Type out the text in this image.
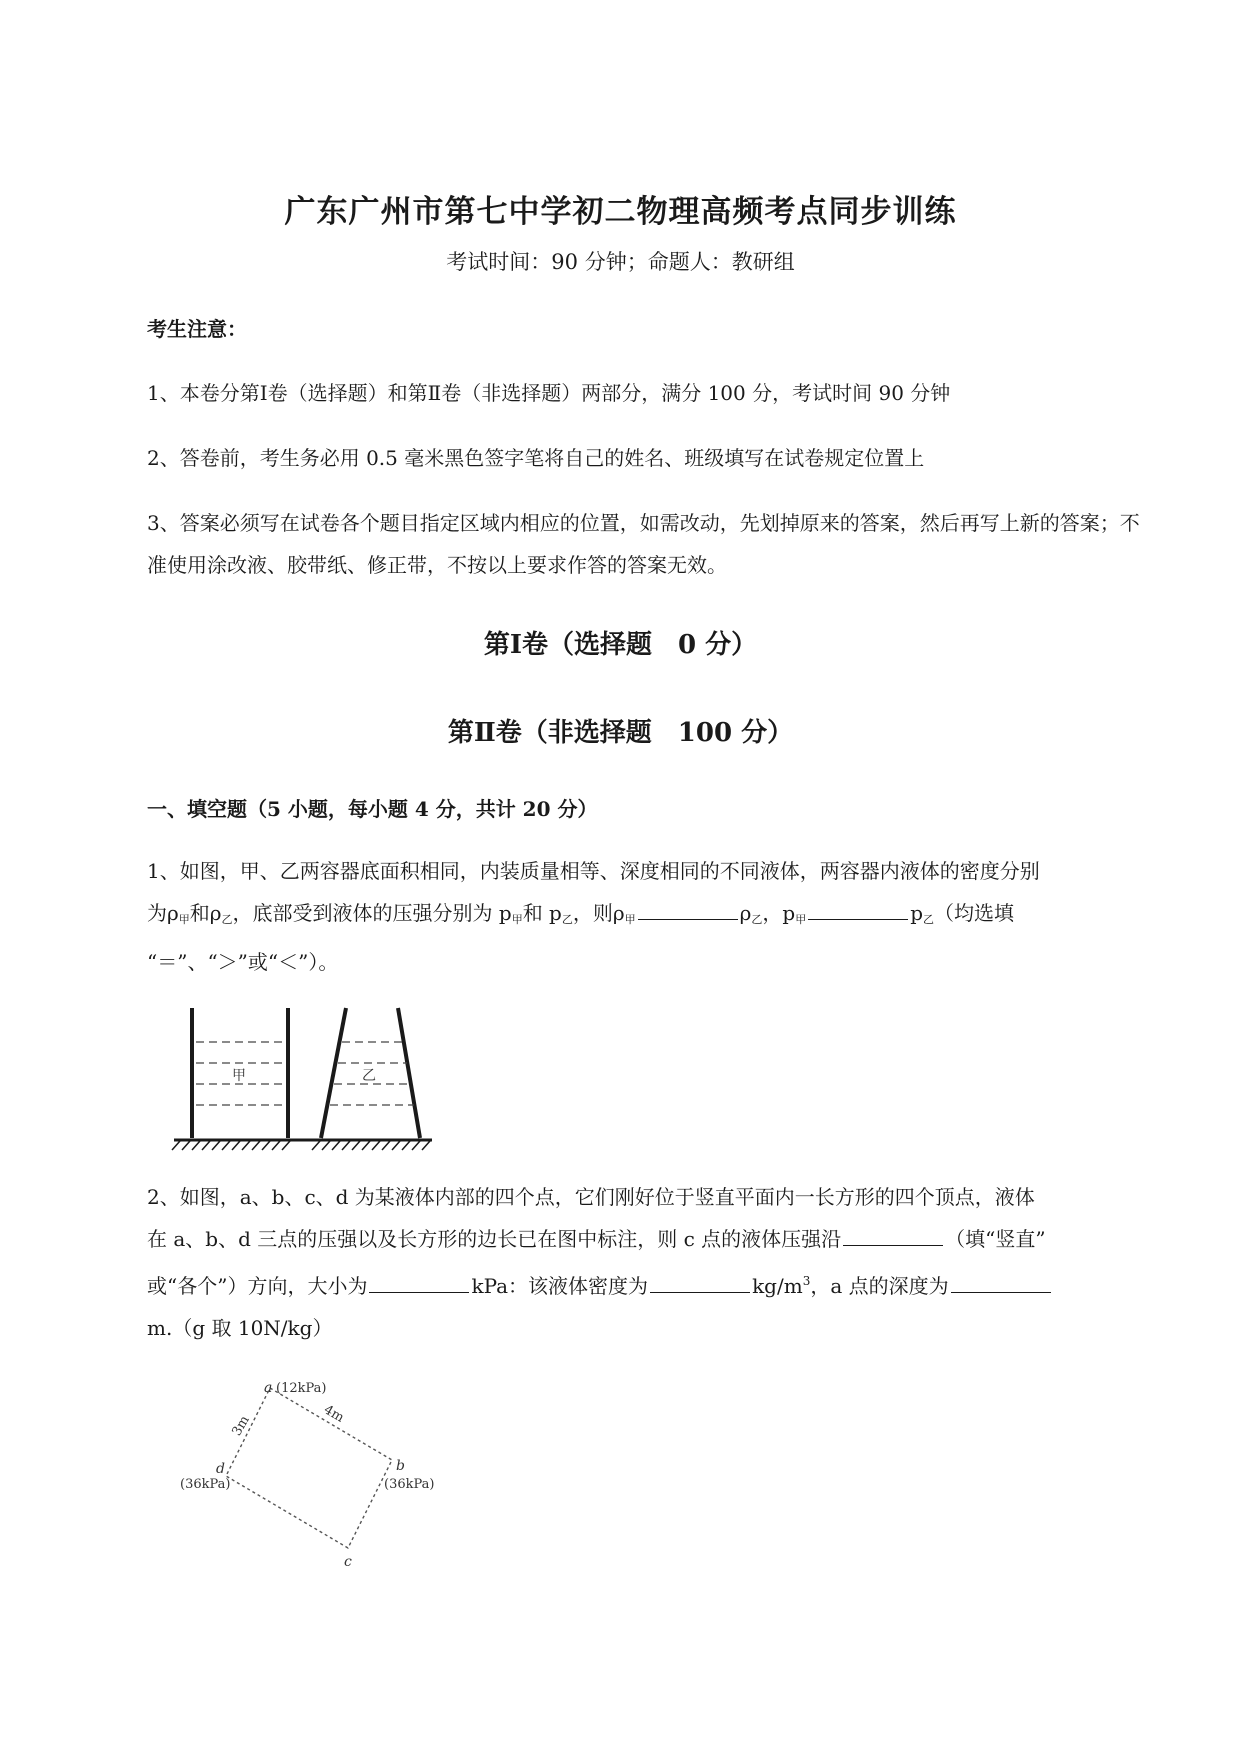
广东广州市第七中学初二物理高频考点同步训练
考试时间：90 分钟；命题人：教研组
考生注意：
1、本卷分第Ⅰ卷（选择题）和第Ⅱ卷（非选择题）两部分，满分 100 分，考试时间 90 分钟
2、答卷前，考生务必用 0.5 毫米黑色签字笔将自己的姓名、班级填写在试卷规定位置上
3、答案必须写在试卷各个题目指定区域内相应的位置，如需改动，先划掉原来的答案，然后再写上新的答案；不准使用涂改液、胶带纸、修正带，不按以上要求作答的答案无效。
第Ⅰ卷（选择题　0 分）
第Ⅱ卷（非选择题　100 分）
一、填空题（5 小题，每小题 4 分，共计 20 分）
1、如图，甲、乙两容器底面积相同，内装质量相等、深度相同的不同液体，两容器内液体的密度分别
为$\rho_甲$和$\rho_乙$，底部受到液体的压强分别为 $p_甲$和 $p_乙$，则$\rho_甲$	$\rho_乙$，$p_甲$	$p_乙$（均选填
“＝”、“＞”或“＜”）。
甲	乙
2、如图，a、b、c、d 为某液体内部的四个点，它们刚好位于竖直平面内一长方形的四个顶点，液体
在 a、b、d 三点的压强以及长方形的边长已在图中标注，则 c 点的液体压强沿	（填“竖直”
或“各个”）方向，大小为	kPa：该液体密度为	$kg/m^3$，a 点的深度为
m.（g 取 10N/kg）
a (12kPa)
b
(36kPa)
c
d
(36kPa)
3m	4m
